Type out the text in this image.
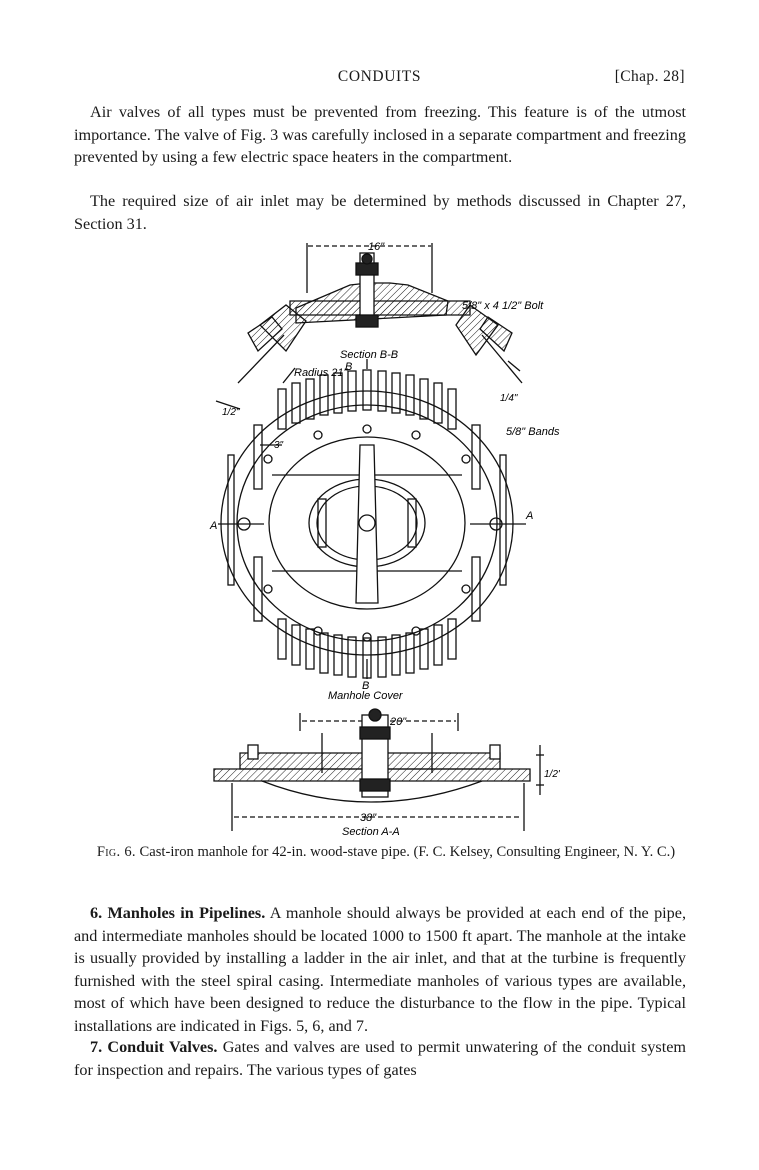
CONDUITS	[Chap. 28]

Air valves of all types must be prevented from freezing. This feature is of the utmost importance. The valve of Fig. 3 was carefully inclosed in a separate compartment and freezing prevented by using a few electric space heaters in the compartment.

The required size of air inlet may be determined by methods discussed in Chapter 27, Section 31.

16"
5/8" x 4 1/2" Bolt
Section B-B
Radius 21"
B
1/2"
1/4"
5/8" Bands
3"
A
A
B
Manhole Cover
20"
1/2"
38"
Section A-A
Fig. 6. Cast-iron manhole for 42-in. wood-stave pipe. (F. C. Kelsey, Consulting Engineer, N. Y. C.)

6. Manholes in Pipelines. A manhole should always be provided at each end of the pipe, and intermediate manholes should be located 1000 to 1500 ft apart. The manhole at the intake is usually provided by installing a ladder in the air inlet, and that at the turbine is frequently furnished with the steel spiral casing. Intermediate manholes of various types are available, most of which have been designed to reduce the disturbance to the flow in the pipe. Typical installations are indicated in Figs. 5, 6, and 7.

7. Conduit Valves. Gates and valves are used to permit unwatering of the conduit system for inspection and repairs. The various types of gates
